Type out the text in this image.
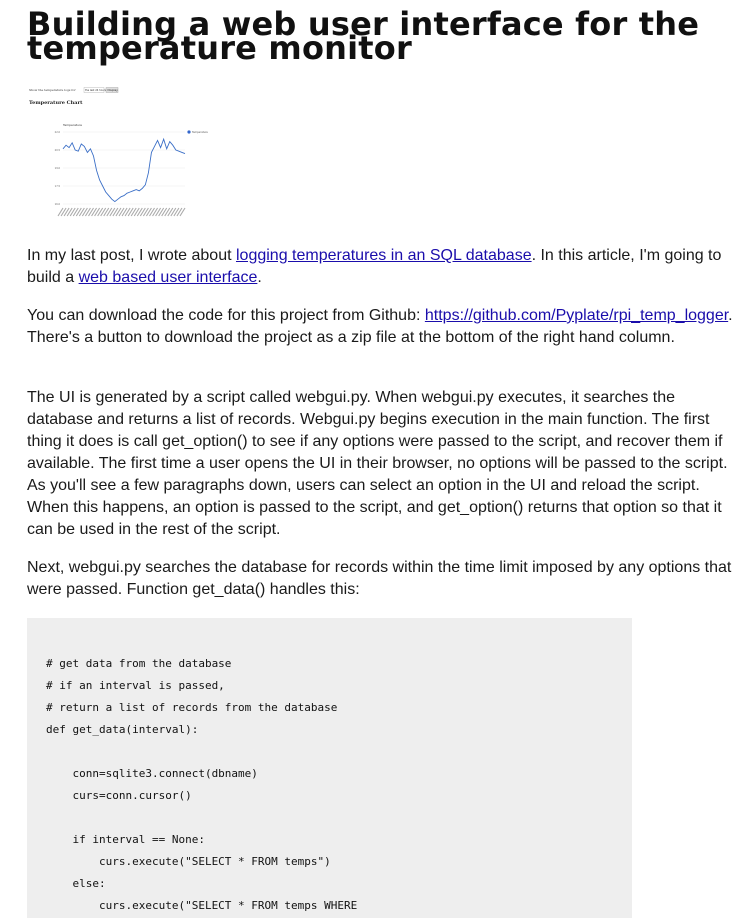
Building a web user interface for the temperature monitor
Show the temperature logs for	the last 24 hours Display
Temperature Chart
Temperature
Temperature
16.0
17.5
19.0
20.5
22.0

In my last post, I wrote about logging temperatures in an SQL database. In this article, I'm going to build a web based user interface.

You can download the code for this project from Github: https://github.com/Pyplate/rpi_temp_logger. There's a button to download the project as a zip file at the bottom of the right hand column.

The UI is generated by a script called webgui.py. When webgui.py executes, it searches the database and returns a list of records. Webgui.py begins execution in the main function. The first thing it does is call get_option() to see if any options were passed to the script, and recover them if available. The first time a user opens the UI in their browser, no options will be passed to the script. As you'll see a few paragraphs down, users can select an option in the UI and reload the script. When this happens, an option is passed to the script, and get_option() returns that option so that it can be used in the rest of the script.

Next, webgui.py searches the database for records within the time limit imposed by any options that were passed. Function get_data() handles this:

# get data from the database
# if an interval is passed,
# return a list of records from the database
def get_data(interval):

conn=sqlite3.connect(dbname)
curs=conn.cursor()

if interval == None:
curs.execute("SELECT * FROM temps")
else:
curs.execute("SELECT * FROM temps WHERE
